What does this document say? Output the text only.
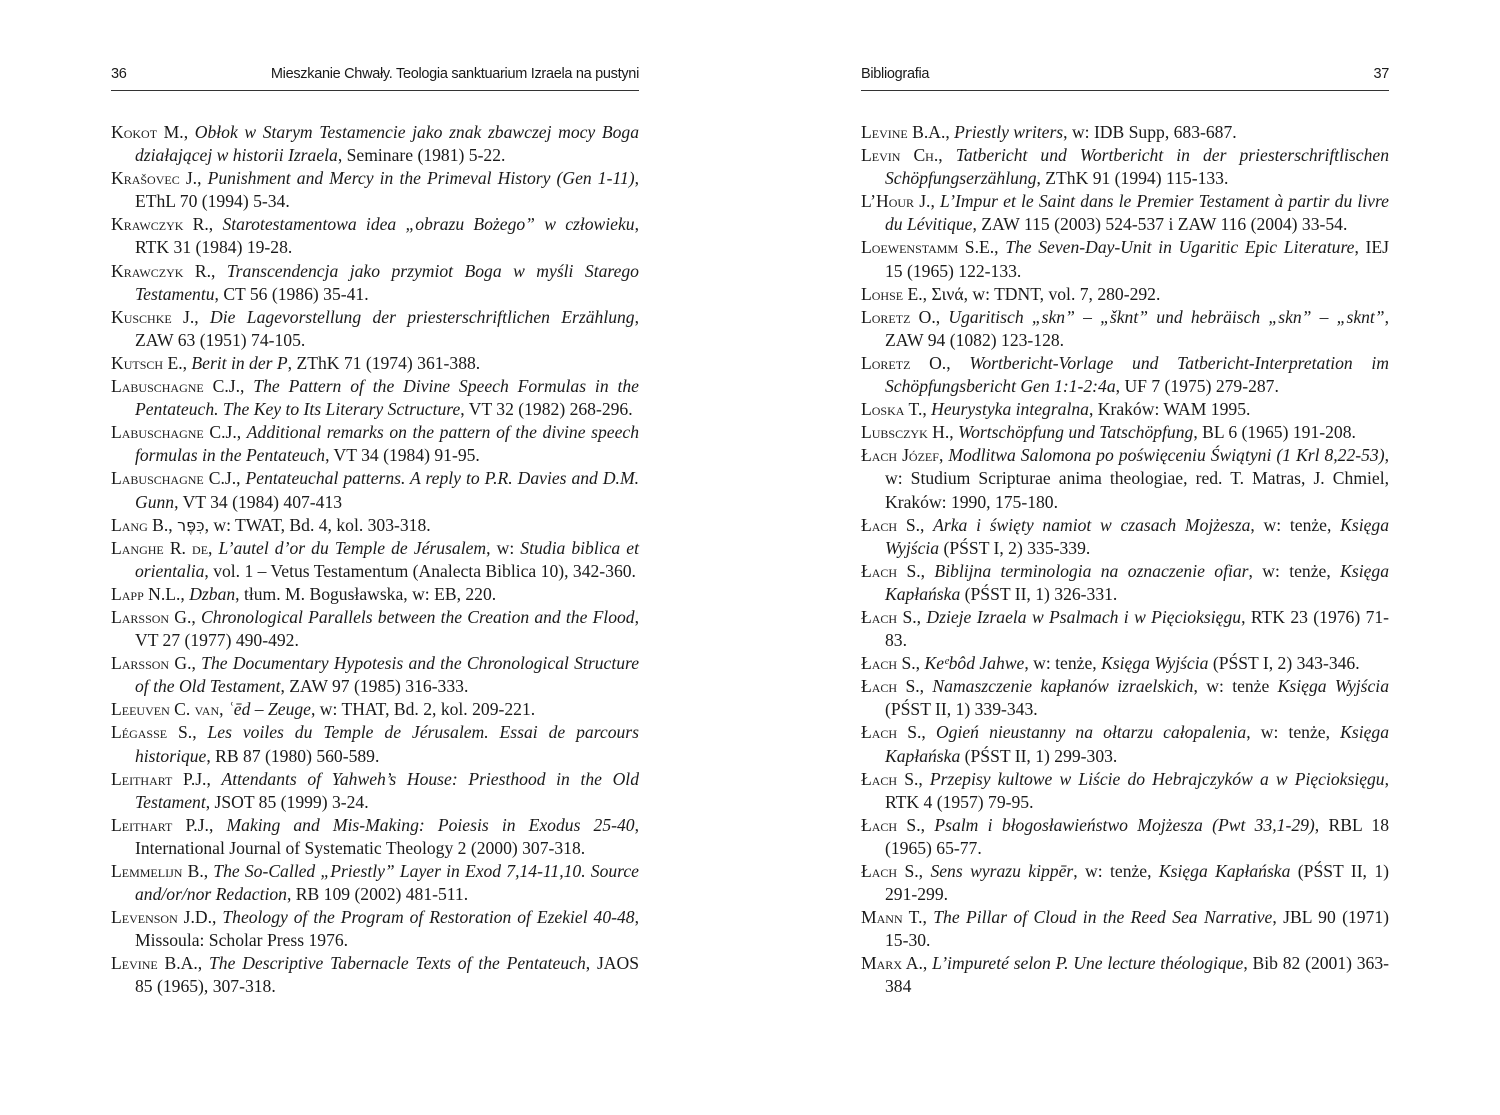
36	Mieszkanie Chwały. Teologia sanktuarium Izraela na pustyni

Kokot M., Obłok w Starym Testamencie jako znak zbawczej mocy Boga działającej w historii Izraela, Seminare (1981) 5-22.

Krašovec J., Punishment and Mercy in the Primeval History (Gen 1-11), EThL 70 (1994) 5-34.

Krawczyk R., Starotestamentowa idea „obrazu Bożego” w człowieku, RTK 31 (1984) 19-28.

Krawczyk R., Transcendencja jako przymiot Boga w myśli Starego Testamentu, CT 56 (1986) 35-41.

Kuschke J., Die Lagevorstellung der priesterschriftlichen Erzählung, ZAW 63 (1951) 74-105.

Kutsch E., Berit in der P, ZThK 71 (1974) 361-388.

Labuschagne C.J., The Pattern of the Divine Speech Formulas in the Pentateuch. The Key to Its Literary Sctructure, VT 32 (1982) 268-296.

Labuschagne C.J., Additional remarks on the pattern of the divine speech formulas in the Pentateuch, VT 34 (1984) 91-95.

Labuschagne C.J., Pentateuchal patterns. A reply to P.R. Davies and D.M. Gunn, VT 34 (1984) 407-413

Lang B., כִּפֶּר, w: TWAT, Bd. 4, kol. 303-318.

Langhe R. de, L’autel d’or du Temple de Jérusalem, w: Studia biblica et orientalia, vol. 1 – Vetus Testamentum (Analecta Biblica 10), 342-360.

Lapp N.L., Dzban, tłum. M. Bogusławska, w: EB, 220.

Larsson G., Chronological Parallels between the Creation and the Flood, VT 27 (1977) 490-492.

Larsson G., The Documentary Hypotesis and the Chronological Structure of the Old Testament, ZAW 97 (1985) 316-333.

Leeuven C. van, ʿēd – Zeuge, w: THAT, Bd. 2, kol. 209-221.

Légasse S., Les voiles du Temple de Jérusalem. Essai de parcours historique, RB 87 (1980) 560-589.

Leithart P.J., Attendants of Yahweh’s House: Priesthood in the Old Testament, JSOT 85 (1999) 3-24.

Leithart P.J., Making and Mis-Making: Poiesis in Exodus 25-40, International Journal of Systematic Theology 2 (2000) 307-318.

Lemmelijn B., The So-Called „Priestly” Layer in Exod 7,14-11,10. Source and/or/nor Redaction, RB 109 (2002) 481-511.

Levenson J.D., Theology of the Program of Restoration of Ezekiel 40-48, Missoula: Scholar Press 1976.

Levine B.A., The Descriptive Tabernacle Texts of the Pentateuch, JAOS 85 (1965), 307-318.

Bibliografia	37

Levine B.A., Priestly writers, w: IDB Supp, 683-687.

Levin Ch., Tatbericht und Wortbericht in der priesterschriftlischen Schöpfungserzählung, ZThK 91 (1994) 115-133.

L’Hour J., L’Impur et le Saint dans le Premier Testament à partir du livre du Lévitique, ZAW 115 (2003) 524-537 i ZAW 116 (2004) 33-54.

Loewenstamm S.E., The Seven-Day-Unit in Ugaritic Epic Literature, IEJ 15 (1965) 122-133.

Lohse E., Σινά, w: TDNT, vol. 7, 280-292.

Loretz O., Ugaritisch „skn” – „šknt” und hebräisch „skn” – „sknt”, ZAW 94 (1082) 123-128.

Loretz O., Wortbericht-Vorlage und Tatbericht-Interpretation im Schöpfungsbericht Gen 1:1-2:4a, UF 7 (1975) 279-287.

Loska T., Heurystyka integralna, Kraków: WAM 1995.

Lubsczyk H., Wortschöpfung und Tatschöpfung, BL 6 (1965) 191-208.

Łach Józef, Modlitwa Salomona po poświęceniu Świątyni (1 Krl 8,22-53), w: Studium Scripturae anima theologiae, red. T. Matras, J. Chmiel, Kraków: 1990, 175-180.

Łach S., Arka i święty namiot w czasach Mojżesza, w: tenże, Księga Wyjścia (PŚST I, 2) 335-339.

Łach S., Biblijna terminologia na oznaczenie ofiar, w: tenże, Księga Kapłańska (PŚST II, 1) 326-331.

Łach S., Dzieje Izraela w Psalmach i w Pięcioksięgu, RTK 23 (1976) 71-83.

Łach S., Keᵉbôd Jahwe, w: tenże, Księga Wyjścia (PŚST I, 2) 343-346.

Łach S., Namaszczenie kapłanów izraelskich, w: tenże Księga Wyjścia (PŚST II, 1) 339-343.

Łach S., Ogień nieustanny na ołtarzu całopalenia, w: tenże, Księga Kapłańska (PŚST II, 1) 299-303.

Łach S., Przepisy kultowe w Liście do Hebrajczyków a w Pięcioksięgu, RTK 4 (1957) 79-95.

Łach S., Psalm i błogosławieństwo Mojżesza (Pwt 33,1-29), RBL 18 (1965) 65-77.

Łach S., Sens wyrazu kippēr, w: tenże, Księga Kapłańska (PŚST II, 1) 291-299.

Mann T., The Pillar of Cloud in the Reed Sea Narrative, JBL 90 (1971) 15-30.

Marx A., L’impureté selon P. Une lecture théologique, Bib 82 (2001) 363-384
